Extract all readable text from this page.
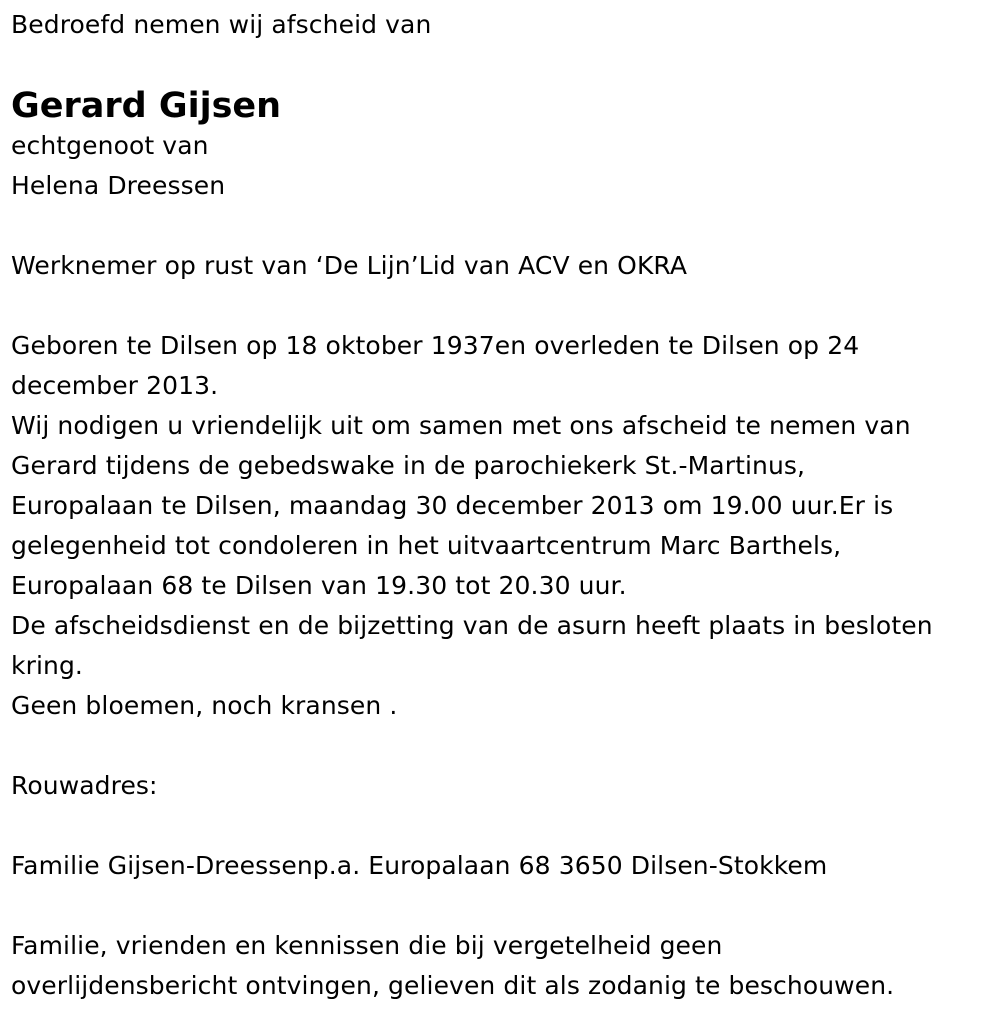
Bedroefd nemen wij afscheid van
Gerard Gijsen
echtgenoot van
Helena Dreessen
Werknemer op rust van ‘De Lijn’Lid van ACV en OKRA
Geboren te Dilsen op 18 oktober 1937en overleden te Dilsen op 24
december 2013.
Wij nodigen u vriendelijk uit om samen met ons afscheid te nemen van
Gerard tijdens de gebedswake in de parochiekerk St.-Martinus,
Europalaan te Dilsen, maandag 30 december 2013 om 19.00 uur.Er is
gelegenheid tot condoleren in het uitvaartcentrum Marc Barthels,
Europalaan 68 te Dilsen van 19.30 tot 20.30 uur.
De afscheidsdienst en de bijzetting van de asurn heeft plaats in besloten
kring.
Geen bloemen, noch kransen .
Rouwadres:
Familie Gijsen-Dreessenp.a. Europalaan 68 3650 Dilsen-Stokkem
Familie, vrienden en kennissen die bij vergetelheid geen
overlijdensbericht ontvingen, gelieven dit als zodanig te beschouwen.
